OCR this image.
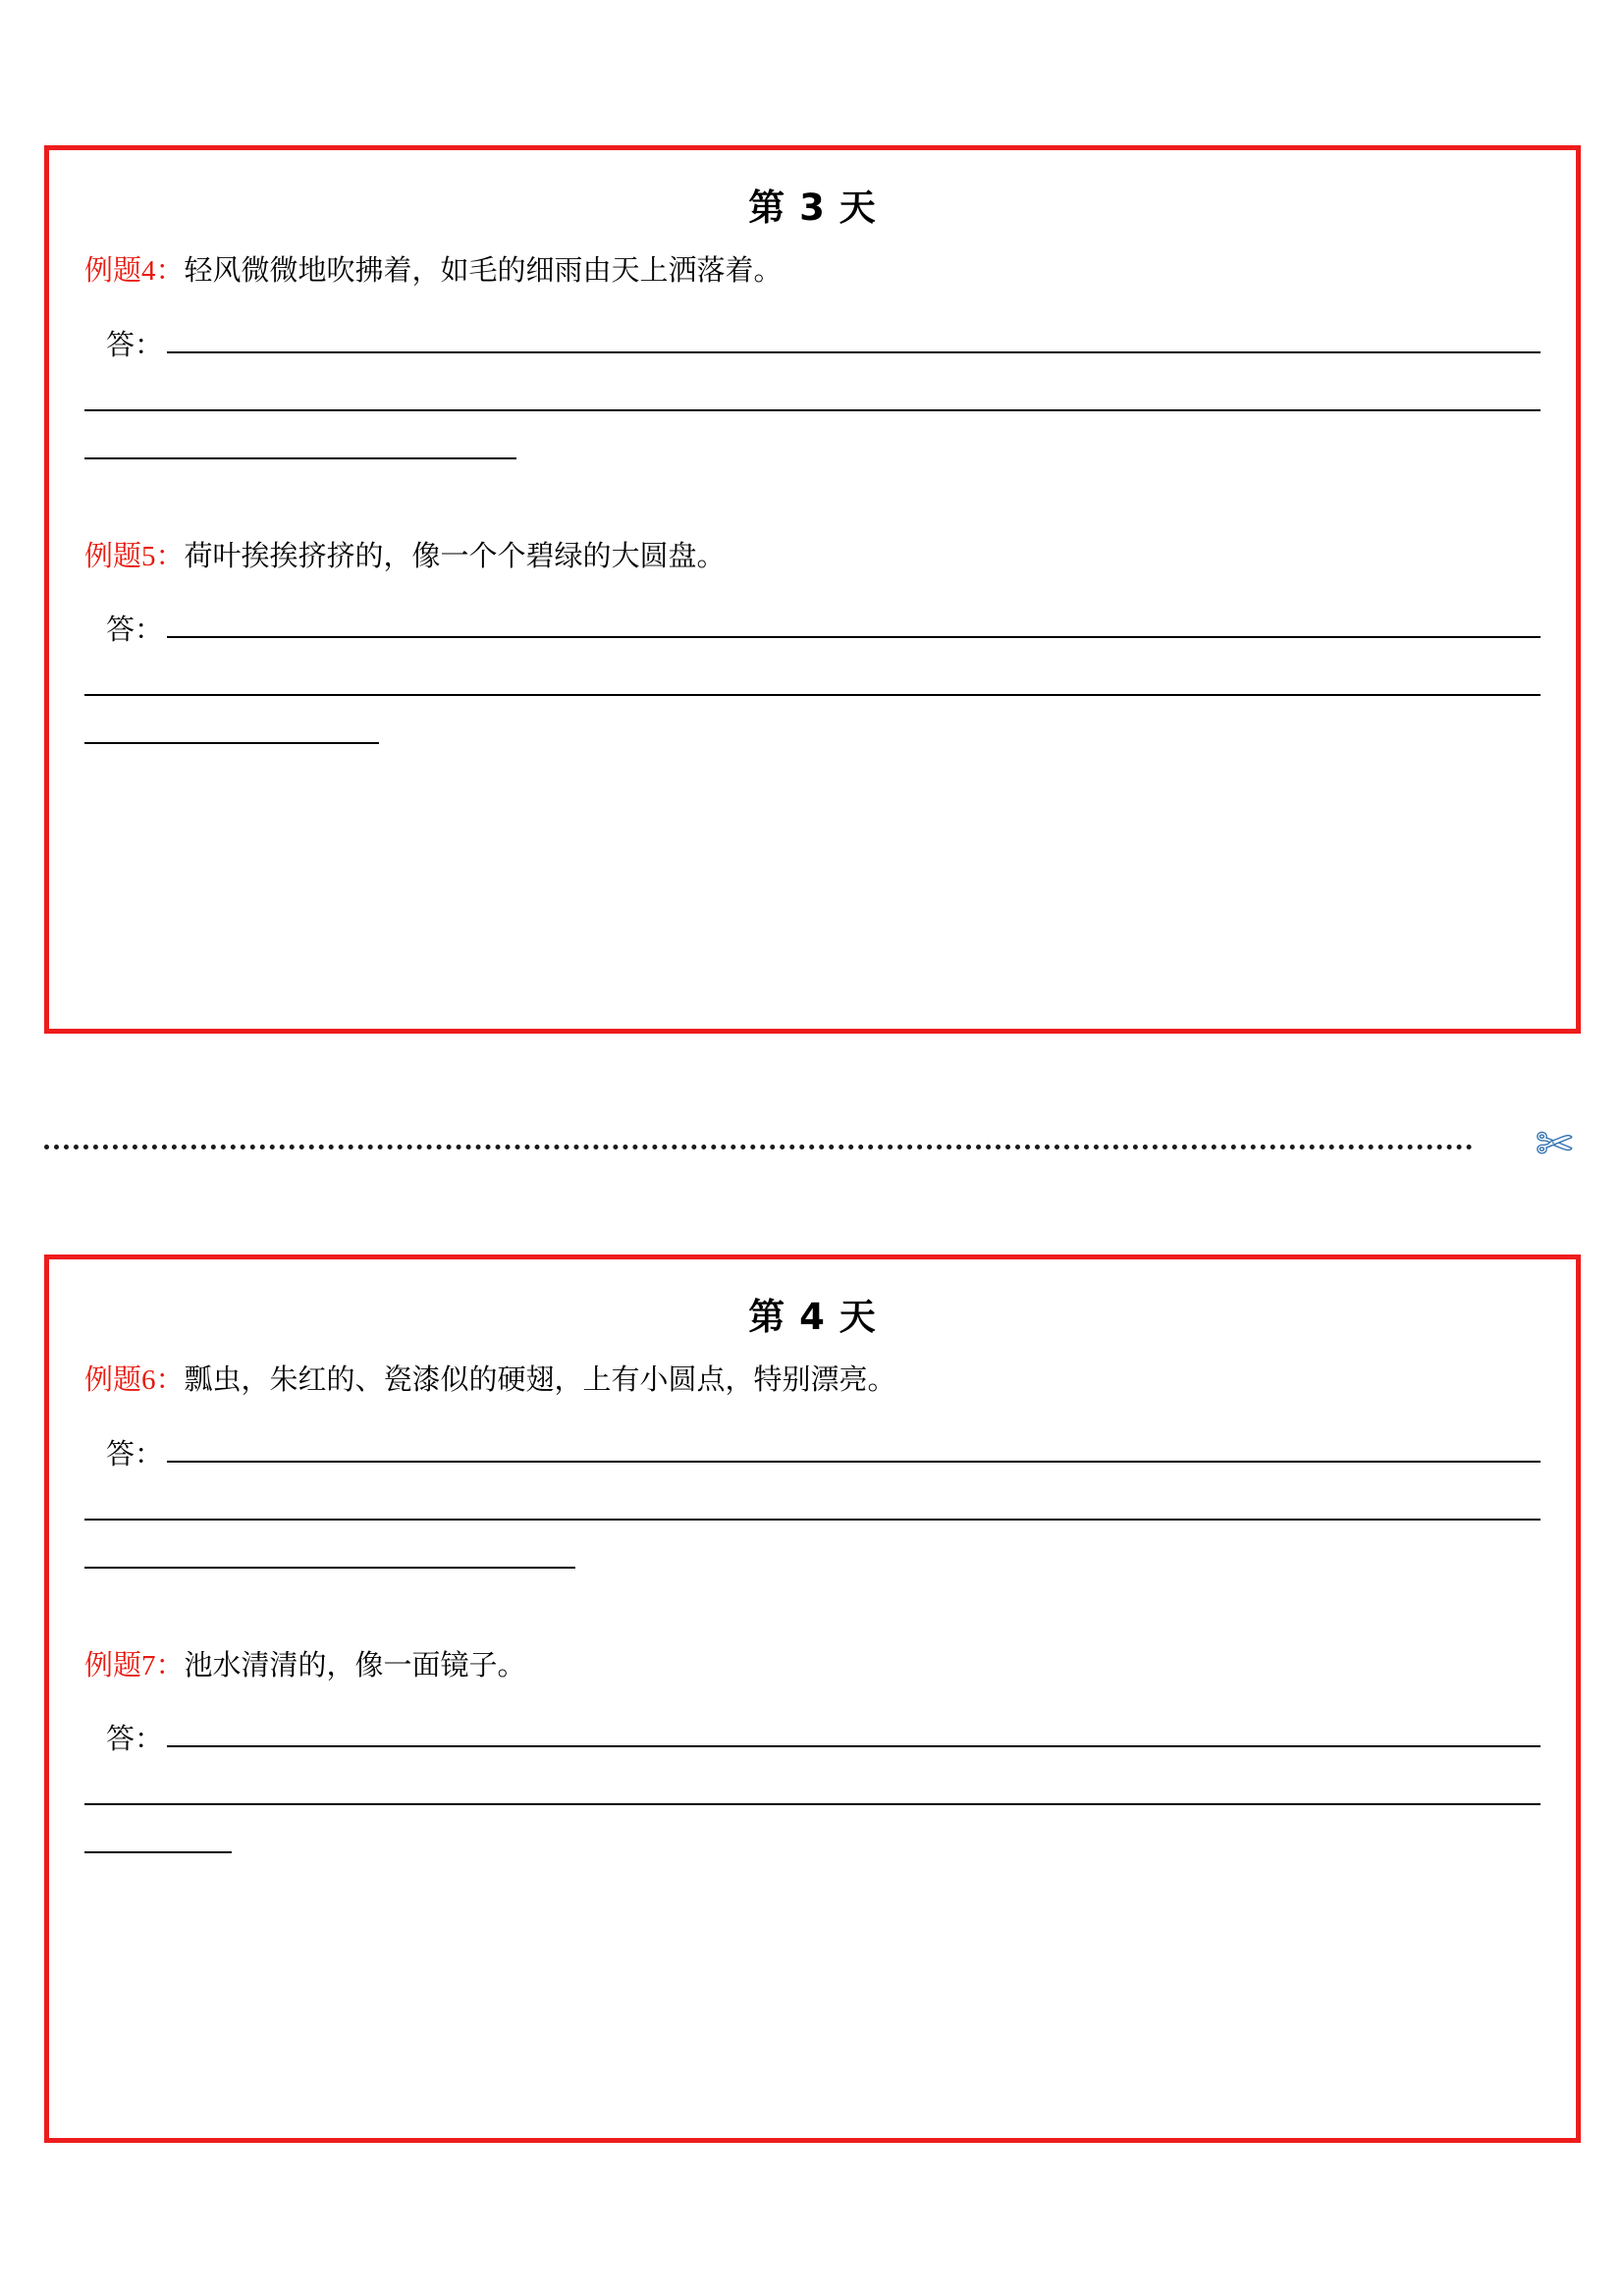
第 3 天
例题4：轻风微微地吹拂着，如毛的细雨由天上洒落着。
答：
例题5：荷叶挨挨挤挤的，像一个个碧绿的大圆盘。
答：
✄
第 4 天
例题6：瓢虫，朱红的、瓷漆似的硬翅，上有小圆点，特别漂亮。
答：
例题7：池水清清的，像一面镜子。
答：
